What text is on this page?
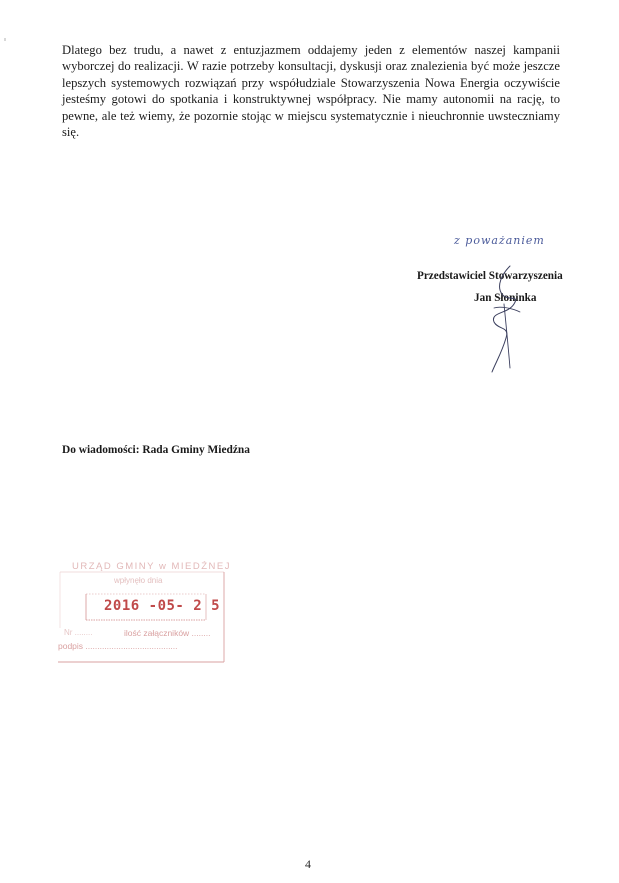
Dlatego bez trudu, a nawet z entuzjazmem oddajemy jeden z elementów naszej kampanii wyborczej do realizacji. W razie potrzeby konsultacji, dyskusji oraz znalezienia być może jeszcze lepszych systemowych rozwiązań przy współudziale Stowarzyszenia Nowa Energia oczywiście jesteśmy gotowi do spotkania i konstruktywnej współpracy. Nie mamy autonomii na rację, to pewne, ale też wiemy, że pozornie stojąc w miejscu systematycznie i nieuchronnie uwsteczniamy się.

z poważaniem
Przedstawiciel Stowarzyszenia
Jan Słoninka
Do wiadomości: Rada Gminy Miedźna
URZĄD GMINY w MIEDŹNEJ
wpłynęło dnia
2016 -05- 2 5
Nr ........	ilość załączników ........
podpis .......................................
4
